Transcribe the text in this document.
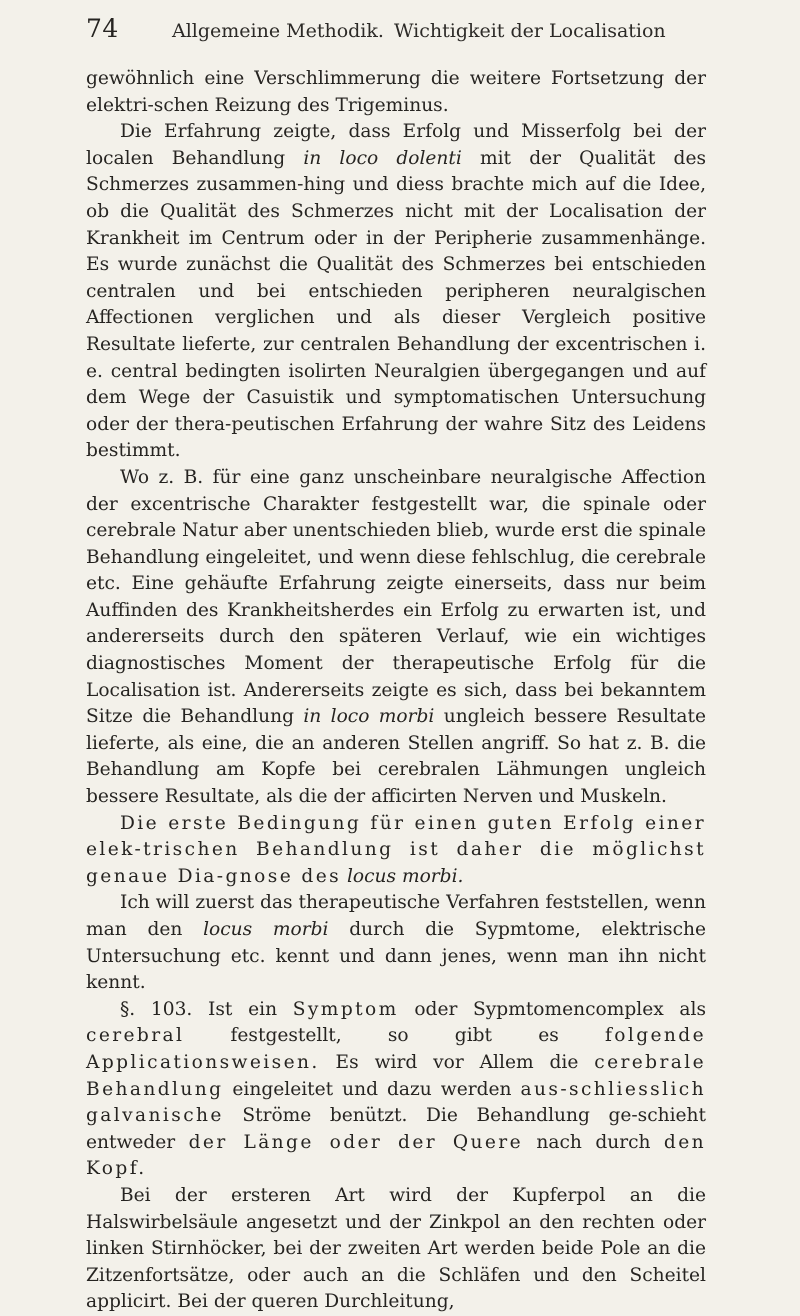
74	Allgemeine Methodik. Wichtigkeit der Localisation

gewöhnlich eine Verschlimmerung die weitere Fortsetzung der elektri-schen Reizung des Trigeminus.

Die Erfahrung zeigte, dass Erfolg und Misserfolg bei der localen Behandlung in loco dolenti mit der Qualität des Schmerzes zusammen-hing und diess brachte mich auf die Idee, ob die Qualität des Schmerzes nicht mit der Localisation der Krankheit im Centrum oder in der Peripherie zusammenhänge. Es wurde zunächst die Qualität des Schmerzes bei entschieden centralen und bei entschieden peripheren neuralgischen Affectionen verglichen und als dieser Vergleich positive Resultate lieferte, zur centralen Behandlung der excentrischen i. e. central bedingten isolirten Neuralgien übergegangen und auf dem Wege der Casuistik und symptomatischen Untersuchung oder der thera-peutischen Erfahrung der wahre Sitz des Leidens bestimmt.

Wo z. B. für eine ganz unscheinbare neuralgische Affection der excentrische Charakter festgestellt war, die spinale oder cerebrale Natur aber unentschieden blieb, wurde erst die spinale Behandlung eingeleitet, und wenn diese fehlschlug, die cerebrale etc. Eine gehäufte Erfahrung zeigte einerseits, dass nur beim Auffinden des Krankheitsherdes ein Erfolg zu erwarten ist, und andererseits durch den späteren Verlauf, wie ein wichtiges diagnostisches Moment der therapeutische Erfolg für die Localisation ist. Andererseits zeigte es sich, dass bei bekanntem Sitze die Behandlung in loco morbi ungleich bessere Resultate lieferte, als eine, die an anderen Stellen angriff. So hat z. B. die Behandlung am Kopfe bei cerebralen Lähmungen ungleich bessere Resultate, als die der afficirten Nerven und Muskeln.

Die erste Bedingung für einen guten Erfolg einer elek-trischen Behandlung ist daher die möglichst genaue Dia-gnose des locus morbi.

Ich will zuerst das therapeutische Verfahren feststellen, wenn man den locus morbi durch die Sypmtome, elektrische Untersuchung etc. kennt und dann jenes, wenn man ihn nicht kennt.

§. 103. Ist ein Symptom oder Sypmtomencomplex als cerebral festgestellt, so gibt es folgende Applicationsweisen. Es wird vor Allem die cerebrale Behandlung eingeleitet und dazu werden aus-schliesslich galvanische Ströme benützt. Die Behandlung ge-schieht entweder der Länge oder der Quere nach durch den Kopf.

Bei der ersteren Art wird der Kupferpol an die Halswirbelsäule angesetzt und der Zinkpol an den rechten oder linken Stirnhöcker, bei der zweiten Art werden beide Pole an die Zitzenfortsätze, oder auch an die Schläfen und den Scheitel applicirt. Bei der queren Durchleitung,
